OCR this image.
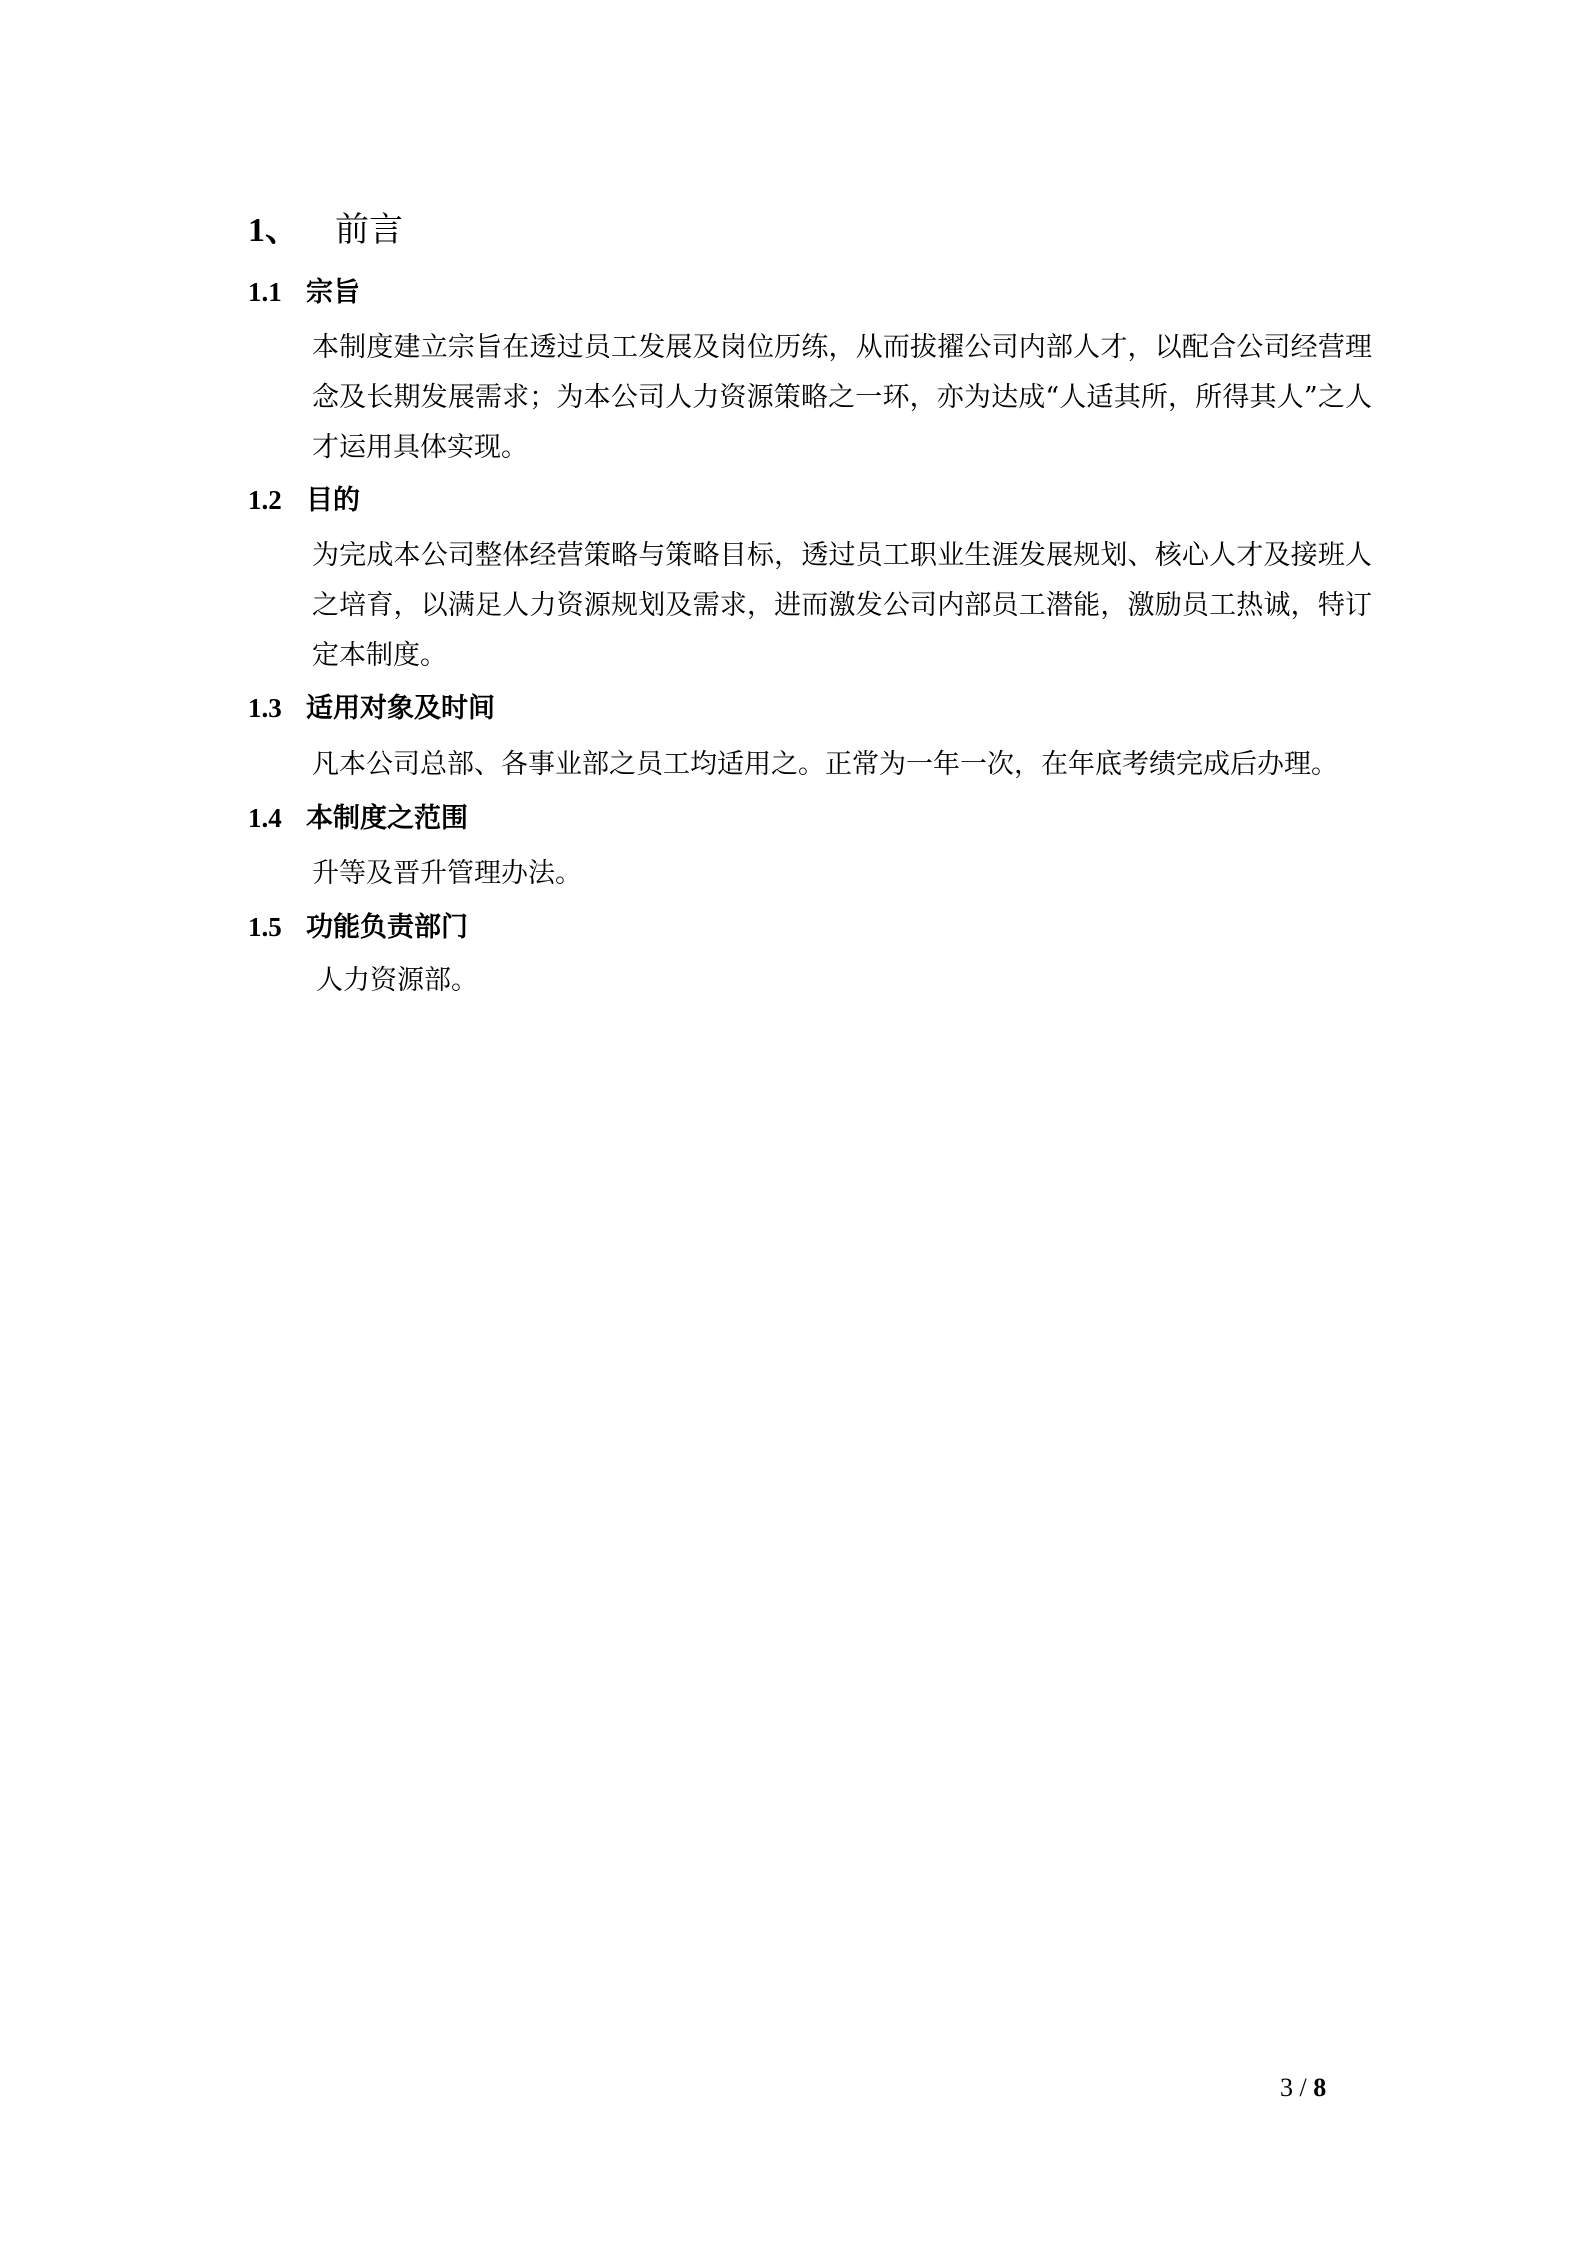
1、 前言
1.1 宗旨
本制度建立宗旨在透过员工发展及岗位历练，从而拔擢公司内部人才，以配合公司经营理念及长期发展需求；为本公司人力资源策略之一环，亦为达成“人适其所，所得其人”之人才运用具体实现。
1.2 目的
为完成本公司整体经营策略与策略目标，透过员工职业生涯发展规划、核心人才及接班人之培育，以满足人力资源规划及需求，进而激发公司内部员工潜能，激励员工热诚，特订定本制度。
1.3 适用对象及时间
凡本公司总部、各事业部之员工均适用之。正常为一年一次，在年底考绩完成后办理。
1.4 本制度之范围
升等及晋升管理办法。
1.5 功能负责部门
人力资源部。
3 / 8
